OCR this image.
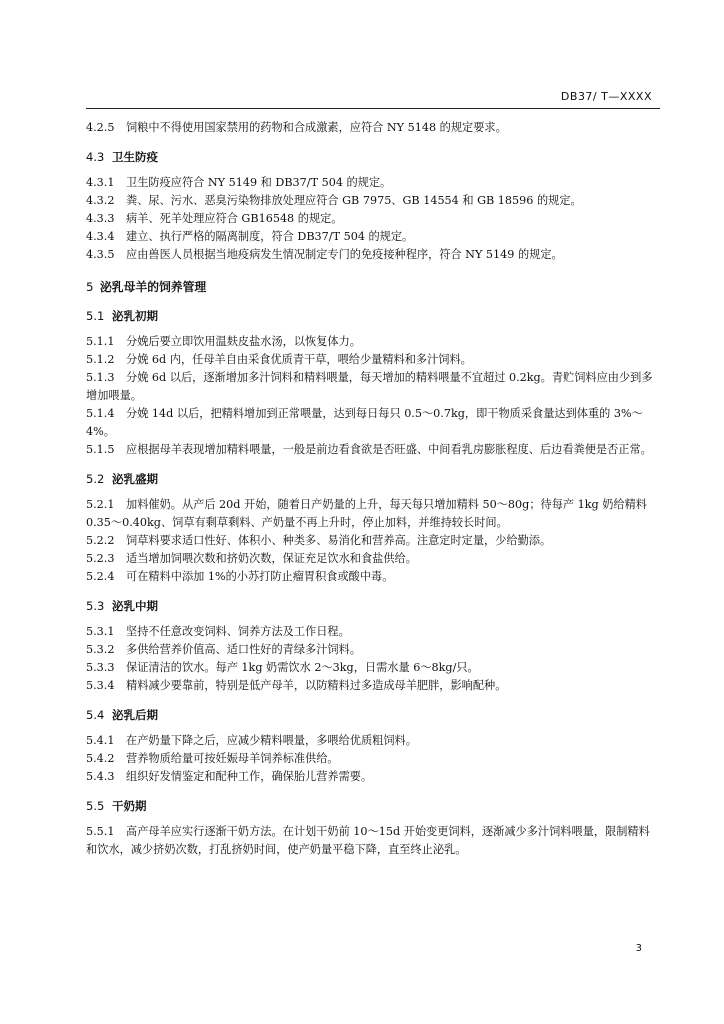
DB37/ T—XXXX
4.2.5 饲粮中不得使用国家禁用的药物和合成激素，应符合 NY 5148 的规定要求。
4.3 卫生防疫
4.3.1 卫生防疫应符合 NY 5149 和 DB37/T 504 的规定。
4.3.2 粪、尿、污水、恶臭污染物排放处理应符合 GB 7975、GB 14554 和 GB 18596 的规定。
4.3.3 病羊、死羊处理应符合 GB16548 的规定。
4.3.4 建立、执行严格的隔离制度，符合 DB37/T 504 的规定。
4.3.5 应由兽医人员根据当地疫病发生情况制定专门的免疫接种程序，符合 NY 5149 的规定。
5 泌乳母羊的饲养管理
5.1 泌乳初期
5.1.1 分娩后要立即饮用温麸皮盐水汤，以恢复体力。
5.1.2 分娩 6d 内，任母羊自由采食优质青干草，喂给少量精料和多汁饲料。
5.1.3 分娩 6d 以后，逐渐增加多汁饲料和精料喂量，每天增加的精料喂量不宜超过 0.2kg。青贮饲料应由少到多增加喂量。
5.1.4 分娩 14d 以后，把精料增加到正常喂量，达到每日每只 0.5～0.7kg，即干物质采食量达到体重的 3%～4%。
5.1.5 应根据母羊表现增加精料喂量，一般是前边看食欲是否旺盛、中间看乳房膨胀程度、后边看粪便是否正常。
5.2 泌乳盛期
5.2.1 加料催奶。从产后 20d 开始，随着日产奶量的上升，每天每只增加精料 50～80g；待每产 1kg 奶给精料 0.35～0.40kg、饲草有剩草剩料、产奶量不再上升时，停止加料，并维持较长时间。
5.2.2 饲草料要求适口性好、体积小、种类多、易消化和营养高。注意定时定量，少给勤添。
5.2.3 适当增加饲喂次数和挤奶次数，保证充足饮水和食盐供给。
5.2.4 可在精料中添加 1%的小苏打防止瘤胃积食或酸中毒。
5.3 泌乳中期
5.3.1 坚持不任意改变饲料、饲养方法及工作日程。
5.3.2 多供给营养价值高、适口性好的青绿多汁饲料。
5.3.3 保证清洁的饮水。每产 1kg 奶需饮水 2～3kg，日需水量 6～8kg/只。
5.3.4 精料减少要靠前，特别是低产母羊，以防精料过多造成母羊肥胖，影响配种。
5.4 泌乳后期
5.4.1 在产奶量下降之后，应减少精料喂量，多喂给优质粗饲料。
5.4.2 营养物质给量可按妊娠母羊饲养标准供给。
5.4.3 组织好发情鉴定和配种工作，确保胎儿营养需要。
5.5 干奶期
5.5.1 高产母羊应实行逐渐干奶方法。在计划干奶前 10～15d 开始变更饲料，逐渐减少多汁饲料喂量，限制精料和饮水，减少挤奶次数，打乱挤奶时间，使产奶量平稳下降，直至终止泌乳。
3
